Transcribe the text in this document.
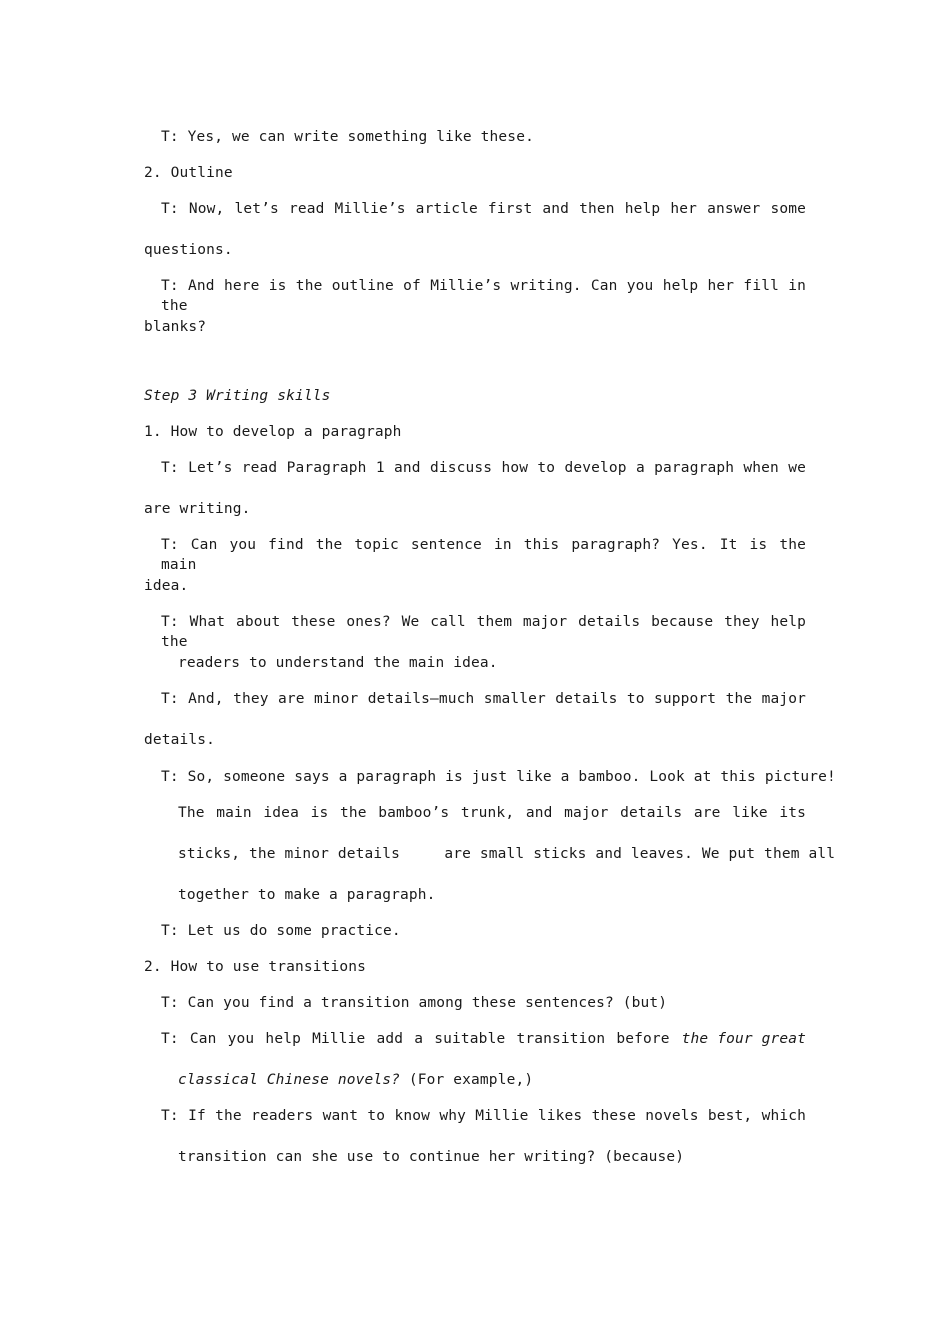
T: Yes, we can write something like these.
2. Outline
T: Now, let’s read Millie’s article first and then help her answer some
questions.
T: And here is the outline of Millie’s writing. Can you help her fill in the
blanks?
Step 3 Writing skills
1. How to develop a paragraph
T: Let’s read Paragraph 1 and discuss how to develop a paragraph when we
are writing.
T: Can you find the topic sentence in this paragraph? Yes. It is the main
idea.
T: What about these ones? We call them major details because they help the
readers to understand the main idea.
T: And, they are minor details—much smaller details to support the major
details.
T: So, someone says a paragraph is just like a bamboo. Look at this picture!
The main idea is the bamboo’s trunk, and major details are like its
sticks, the minor details     are small sticks and leaves. We put them all
together to make a paragraph.
T: Let us do some practice.
2. How to use transitions
T: Can you find a transition among these sentences? (but)
T: Can you help Millie add a suitable transition before the four great
classical Chinese novels? (For example,)
T: If the readers want to know why Millie likes these novels best, which
transition can she use to continue her writing? (because)
